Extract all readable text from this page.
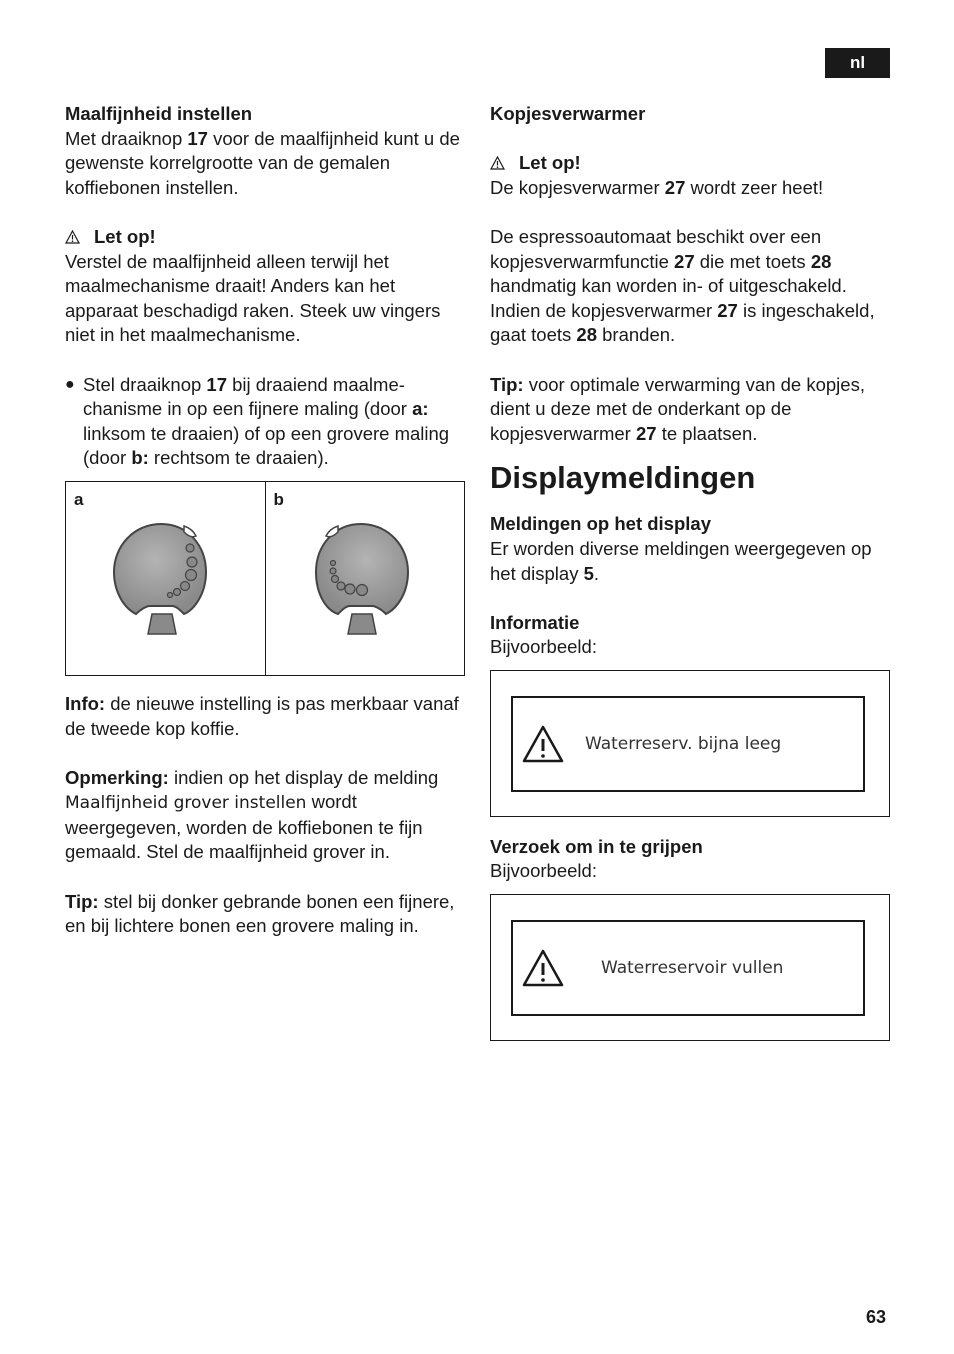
nl

Maalfijnheid instellen

Met draaiknop 17 voor de maalfijnheid kunt u de gewenste korrelgrootte van de gemalen koffiebonen instellen.

Let op!

Verstel de maalfijnheid alleen terwijl het maalmechanisme draait! Anders kan het apparaat beschadigd raken. Steek uw vingers niet in het maalmechanisme.

● Stel draaiknop 17 bij draaiend maalmechanisme in op een fijnere maling (door a: linksom te draaien) of op een grovere maling (door b: rechtsom te draaien).

a	b

Info: de nieuwe instelling is pas merkbaar vanaf de tweede kop koffie.

Opmerking: indien op het display de melding Maalfijnheid grover instellen wordt weergegeven, worden de koffiebonen te fijn gemaald. Stel de maalfijnheid grover in.

Tip: stel bij donker gebrande bonen een fijnere, en bij lichtere bonen een grovere maling in.

Kopjesverwarmer

Let op!

De kopjesverwarmer 27 wordt zeer heet!

De espressoautomaat beschikt over een kopjesverwarmfunctie 27 die met toets 28 handmatig kan worden in- of uitgeschakeld. Indien de kopjesverwarmer 27 is ingeschakeld, gaat toets 28 branden.

Tip: voor optimale verwarming van de kopjes, dient u deze met de onderkant op de kopjesverwarmer 27 te plaatsen.

Displaymeldingen

Meldingen op het display

Er worden diverse meldingen weergegeven op het display 5.

Informatie

Bijvoorbeeld:

Waterreserv. bijna leeg

Verzoek om in te grijpen

Bijvoorbeeld:

Waterreservoir vullen
63
